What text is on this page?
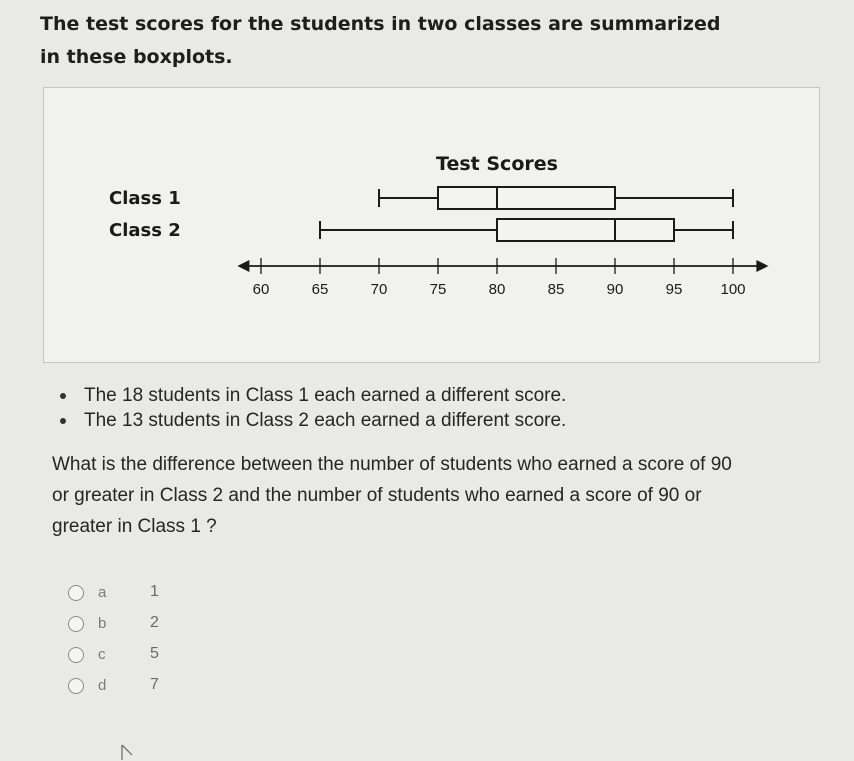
The test scores for the students in two classes are summarized in these boxplots.
Test Scores
60	65	70	75	80	85	90	95	100
Class 1
Class 2
The 18 students in Class 1 each earned a different score.
The 13 students in Class 2 each earned a different score.

What is the difference between the number of students who earned a score of 90 or greater in Class 2 and the number of students who earned a score of 90 or greater in Class 1 ?

a	1
b	2
c	5
d	7
